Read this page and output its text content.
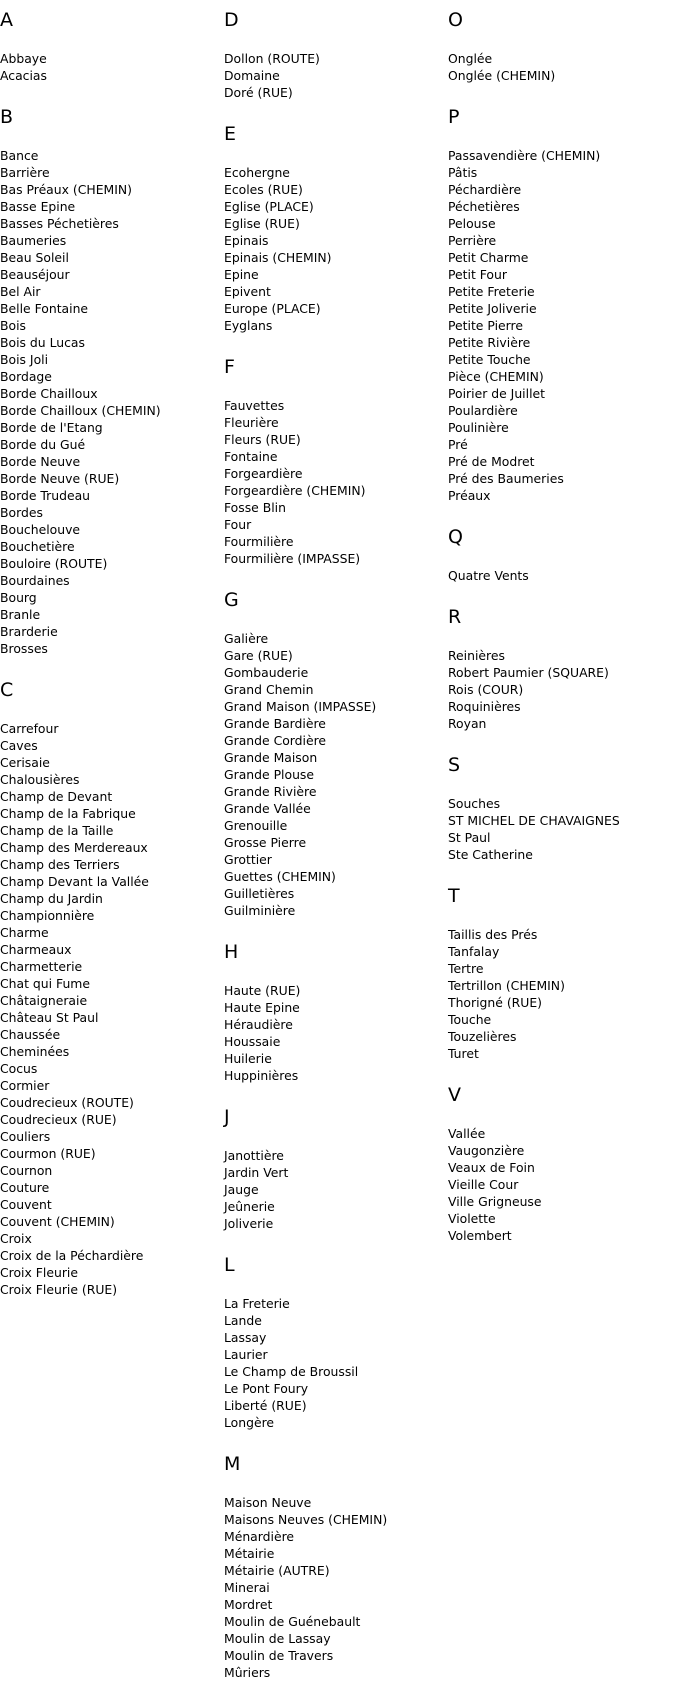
A
Abbaye
Acacias
B
Bance
Barrière
Bas Préaux (CHEMIN)
Basse Epine
Basses Péchetières
Baumeries
Beau Soleil
Beauséjour
Bel Air
Belle Fontaine
Bois
Bois du Lucas
Bois Joli
Bordage
Borde Chailloux
Borde Chailloux (CHEMIN)
Borde de l'Etang
Borde du Gué
Borde Neuve
Borde Neuve (RUE)
Borde Trudeau
Bordes
Bouchelouve
Bouchetière
Bouloire (ROUTE)
Bourdaines
Bourg
Branle
Brarderie
Brosses
C
Carrefour
Caves
Cerisaie
Chalousières
Champ de Devant
Champ de la Fabrique
Champ de la Taille
Champ des Merdereaux
Champ des Terriers
Champ Devant la Vallée
Champ du Jardin
Championnière
Charme
Charmeaux
Charmetterie
Chat qui Fume
Châtaigneraie
Château St Paul
Chaussée
Cheminées
Cocus
Cormier
Coudrecieux (ROUTE)
Coudrecieux (RUE)
Couliers
Courmon (RUE)
Cournon
Couture
Couvent
Couvent (CHEMIN)
Croix
Croix de la Péchardière
Croix Fleurie
Croix Fleurie (RUE)
D
Dollon (ROUTE)
Domaine
Doré (RUE)
E
Ecohergne
Ecoles (RUE)
Eglise (PLACE)
Eglise (RUE)
Epinais
Epinais (CHEMIN)
Epine
Epivent
Europe (PLACE)
Eyglans
F
Fauvettes
Fleurière
Fleurs (RUE)
Fontaine
Forgeardière
Forgeardière (CHEMIN)
Fosse Blin
Four
Fourmilière
Fourmilière (IMPASSE)
G
Galière
Gare (RUE)
Gombauderie
Grand Chemin
Grand Maison (IMPASSE)
Grande Bardière
Grande Cordière
Grande Maison
Grande Plouse
Grande Rivière
Grande Vallée
Grenouille
Grosse Pierre
Grottier
Guettes (CHEMIN)
Guilletières
Guilminière
H
Haute (RUE)
Haute Epine
Héraudière
Houssaie
Huilerie
Huppinières
J
Janottière
Jardin Vert
Jauge
Jeûnerie
Joliverie
L
La Freterie
Lande
Lassay
Laurier
Le Champ de Broussil
Le Pont Foury
Liberté (RUE)
Longère
M
Maison Neuve
Maisons Neuves (CHEMIN)
Ménardière
Métairie
Métairie (AUTRE)
Minerai
Mordret
Moulin de Guénebault
Moulin de Lassay
Moulin de Travers
Mûriers
O
Onglée
Onglée (CHEMIN)
P
Passavendière (CHEMIN)
Pâtis
Péchardière
Péchetières
Pelouse
Perrière
Petit Charme
Petit Four
Petite Freterie
Petite Joliverie
Petite Pierre
Petite Rivière
Petite Touche
Pièce (CHEMIN)
Poirier de Juillet
Poulardière
Poulinière
Pré
Pré de Modret
Pré des Baumeries
Préaux
Q
Quatre Vents
R
Reinières
Robert Paumier (SQUARE)
Rois (COUR)
Roquinières
Royan
S
Souches
ST MICHEL DE CHAVAIGNES
St Paul
Ste Catherine
T
Taillis des Prés
Tanfalay
Tertre
Tertrillon (CHEMIN)
Thorigné (RUE)
Touche
Touzelières
Turet
V
Vallée
Vaugonzière
Veaux de Foin
Vieille Cour
Ville Grigneuse
Violette
Volembert
